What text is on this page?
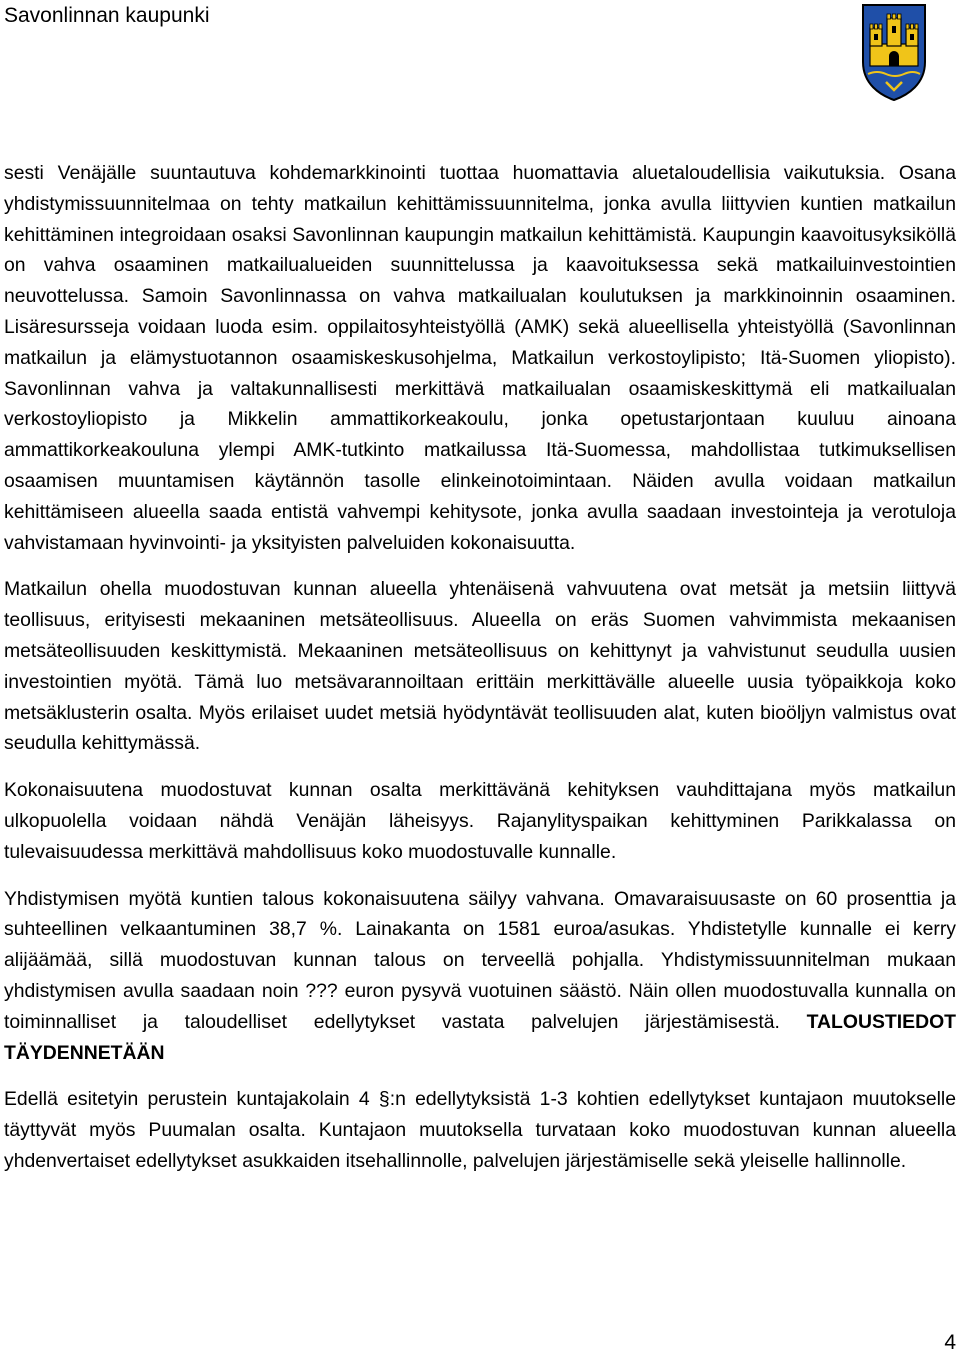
Savonlinnan kaupunki

sesti Venäjälle suuntautuva kohdemarkkinointi tuottaa huomattavia aluetaloudellisia vaikutuksia. Osana yhdistymissuunnitelmaa on tehty matkailun kehittämissuunnitelma, jonka avulla liittyvien kuntien matkailun kehittäminen integroidaan osaksi Savonlinnan kaupungin matkailun kehittämistä. Kaupungin kaavoitusyksiköllä on vahva osaaminen matkailualueiden suunnittelussa ja kaavoituksessa sekä matkailuinvestointien neuvottelussa. Samoin Savonlinnassa on vahva matkailualan koulutuksen ja markkinoinnin osaaminen. Lisäresursseja voidaan luoda esim. oppilaitosyhteistyöllä (AMK) sekä alueellisella yhteistyöllä (Savonlinnan matkailun ja elämystuotannon osaamiskeskusohjelma, Matkailun verkostoylipisto; Itä-Suomen yliopisto). Savonlinnan vahva ja valtakunnallisesti merkittävä matkailualan osaamiskeskittymä eli matkailualan verkostoyliopisto ja Mikkelin ammattikorkeakoulu, jonka opetustarjontaan kuuluu ainoana ammattikorkeakouluna ylempi AMK-tutkinto matkailussa Itä-Suomessa, mahdollistaa tutkimuksellisen osaamisen muuntamisen käytännön tasolle elinkeinotoimintaan. Näiden avulla voidaan matkailun kehittämiseen alueella saada entistä vahvempi kehitysote, jonka avulla saadaan investointeja ja verotuloja vahvistamaan hyvinvointi- ja yksityisten palveluiden kokonaisuutta.

Matkailun ohella muodostuvan kunnan alueella yhtenäisenä vahvuutena ovat metsät ja metsiin liittyvä teollisuus, erityisesti mekaaninen metsäteollisuus. Alueella on eräs Suomen vahvimmista mekaanisen metsäteollisuuden keskittymistä. Mekaaninen metsäteollisuus on kehittynyt ja vahvistunut seudulla uusien investointien myötä. Tämä luo metsävarannoiltaan erittäin merkittävälle alueelle uusia työpaikkoja koko metsäklusterin osalta. Myös erilaiset uudet metsiä hyödyntävät teollisuuden alat, kuten bioöljyn valmistus ovat seudulla kehittymässä.

Kokonaisuutena muodostuvat kunnan osalta merkittävänä kehityksen vauhdittajana myös matkailun ulkopuolella voidaan nähdä Venäjän läheisyys. Rajanylityspaikan kehittyminen Parikkalassa on tulevaisuudessa merkittävä mahdollisuus koko muodostuvalle kunnalle.

Yhdistymisen myötä kuntien talous kokonaisuutena säilyy vahvana. Omavaraisuusaste on 60 prosenttia ja suhteellinen velkaantuminen 38,7 %. Lainakanta on 1581 euroa/asukas. Yhdistetylle kunnalle ei kerry alijäämää, sillä muodostuvan kunnan talous on terveellä pohjalla. Yhdistymissuunnitelman mukaan yhdistymisen avulla saadaan noin ??? euron pysyvä vuotuinen säästö. Näin ollen muodostuvalla kunnalla on toiminnalliset ja taloudelliset edellytykset vastata palvelujen järjestämisestä. TALOUSTIEDOT TÄYDENNETÄÄN

Edellä esitetyin perustein kuntajakolain 4 §:n edellytyksistä 1-3 kohtien edellytykset kuntajaon muutokselle täyttyvät myös Puumalan osalta. Kuntajaon muutoksella turvataan koko muodostuvan kunnan alueella yhdenvertaiset edellytykset asukkaiden itsehallinnolle, palvelujen järjestämiselle sekä yleiselle hallinnolle.

4
